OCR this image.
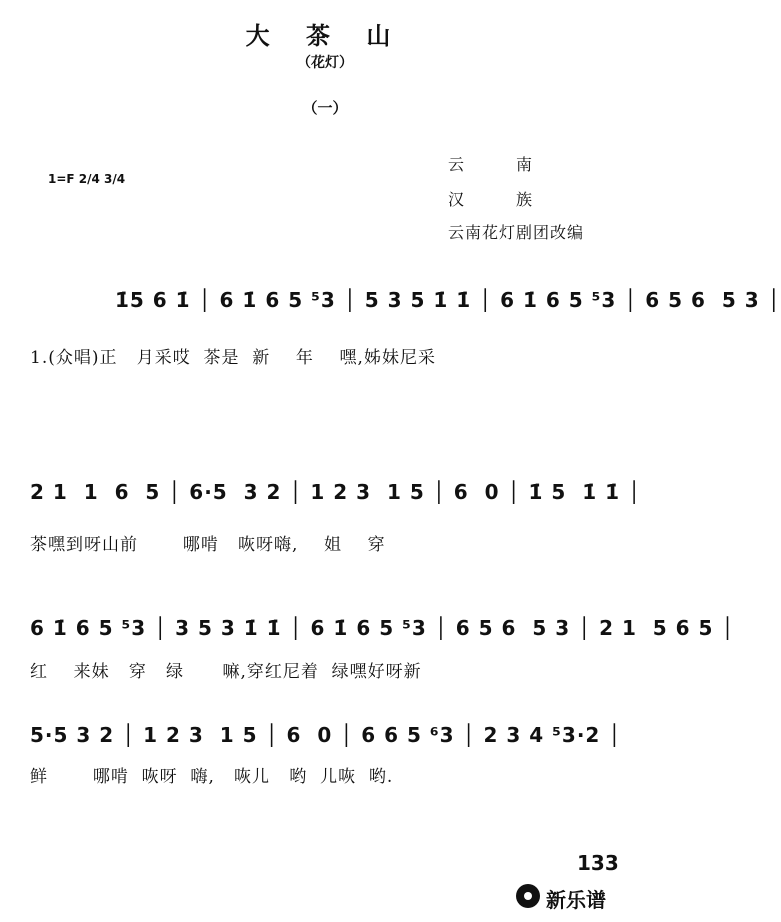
大 茶 山
（花灯）
（一）
1=F 2/4 3/4
云　　　南
汉　　　族
云南花灯剧团改编
1̇5 6 1̇ │ 6 1̇ 6 5 ⁵3 │ 5 3 5 1̇ 1̇ │ 6 1̇ 6 5 ⁵3 │ 6 5 6  5 3 │
1.(众唱)正   月采哎  茶是  新    年    嘿,姊妹尼采
2 1  1  6  5 │ 6·5  3 2 │ 1 2 3  1 5 │ 6  0 │ 1̇ 5  1̇ 1̇ │
茶嘿到呀山前       哪啃   咴呀嗨,    姐    穿
6 1̇ 6 5 ⁵3 │ 3 5 3 1̇ 1̇ │ 6 1̇ 6 5 ⁵3 │ 6 5 6  5 3 │ 2 1  5 6 5 │
红    来妹   穿   绿      嘛,穿红尼着  绿嘿好呀新
5·5 3 2 │ 1 2 3  1 5 │ 6  0 │ 6 6 5 ⁶3 │ 2 3 4 ⁵3·2 │
鲜       哪啃  咴呀  嗨,   咴儿   哟  儿咴  哟.
133
新乐谱
